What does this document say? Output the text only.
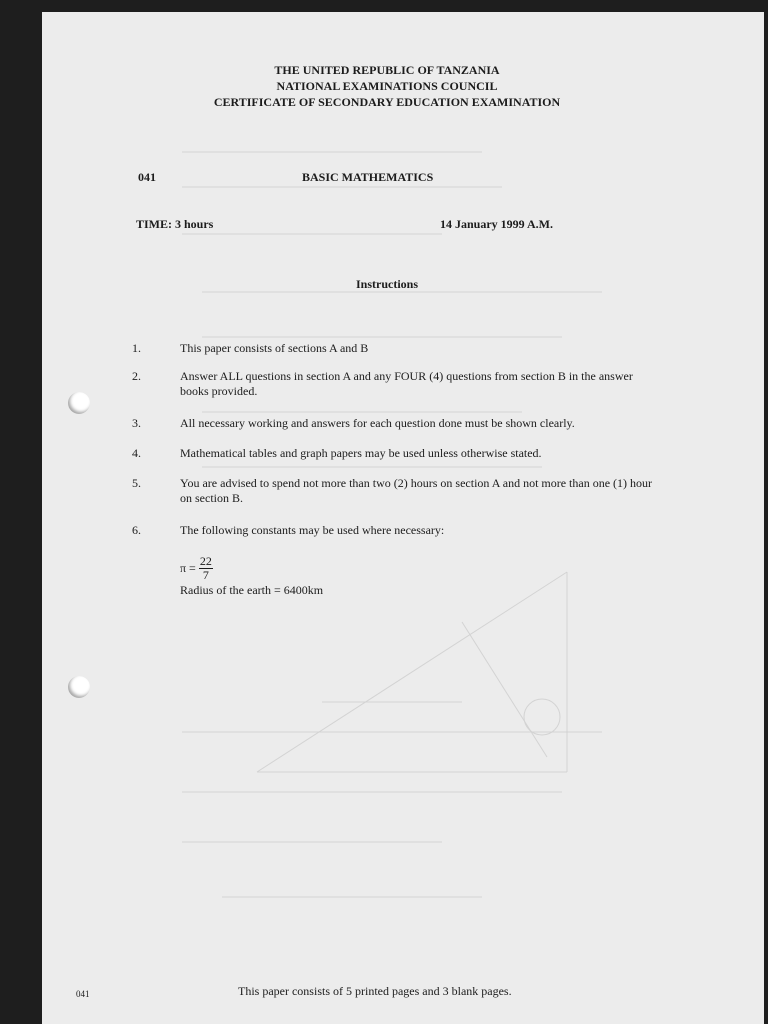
THE UNITED REPUBLIC OF TANZANIA
NATIONAL EXAMINATIONS COUNCIL
CERTIFICATE OF SECONDARY EDUCATION EXAMINATION
041	BASIC MATHEMATICS
TIME: 3 hours	14 January 1999 A.M.
Instructions
1.	This paper consists of sections A and B
2.	Answer ALL questions in section A and any FOUR (4) questions from section B in the answer books provided.
3.	All necessary working and answers for each question done must be shown clearly.
4.	Mathematical tables and graph papers may be used unless otherwise stated.
5.	You are advised to spend not more than two (2) hours on section A and not more than one (1) hour on section B.
6.	The following constants may be used where necessary:
$\pi = \frac{22}{7}$
Radius of the earth = 6400km
041	This paper consists of 5 printed pages and 3 blank pages.
